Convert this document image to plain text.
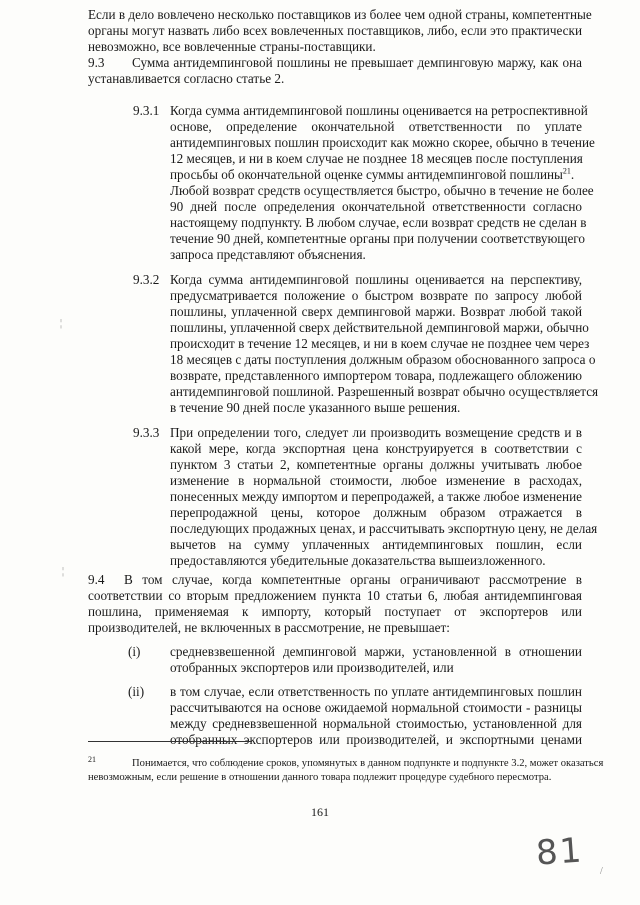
Если в дело вовлечено несколько поставщиков из более чем одной страны, компетентные
органы могут назвать либо всех вовлеченных поставщиков, либо, если это практически
невозможно, все вовлеченные страны-поставщики.
9.3 Сумма антидемпинговой пошлины не превышает демпинговую маржу, как она
устанавливается согласно статье 2.
9.3.1 Когда сумма антидемпинговой пошлины оценивается на ретроспективной
основе, определение окончательной ответственности по уплате
антидемпинговых пошлин происходит как можно скорее, обычно в течение
12 месяцев, и ни в коем случае не позднее 18 месяцев после поступления
просьбы об окончательной оценке суммы антидемпинговой пошлины$^{21}$.
Любой возврат средств осуществляется быстро, обычно в течение не более
90 дней после определения окончательной ответственности согласно
настоящему подпункту. В любом случае, если возврат средств не сделан в
течение 90 дней, компетентные органы при получении соответствующего
запроса представляют объяснения.
9.3.2 Когда сумма антидемпинговой пошлины оценивается на перспективу,
предусматривается положение о быстром возврате по запросу любой
пошлины, уплаченной сверх демпинговой маржи. Возврат любой такой
пошлины, уплаченной сверх действительной демпинговой маржи, обычно
происходит в течение 12 месяцев, и ни в коем случае не позднее чем через
18 месяцев с даты поступления должным образом обоснованного запроса о
возврате, представленного импортером товара, подлежащего обложению
антидемпинговой пошлиной. Разрешенный возврат обычно осуществляется
в течение 90 дней после указанного выше решения.
9.3.3 При определении того, следует ли производить возмещение средств и в
какой мере, когда экспортная цена конструируется в соответствии с
пунктом 3 статьи 2, компетентные органы должны учитывать любое
изменение в нормальной стоимости, любое изменение в расходах,
понесенных между импортом и перепродажей, а также любое изменение
перепродажной цены, которое должным образом отражается в
последующих продажных ценах, и рассчитывать экспортную цену, не делая
вычетов на сумму уплаченных антидемпинговых пошлин, если
предоставляются убедительные доказательства вышеизложенного.
9.4 В том случае, когда компетентные органы ограничивают рассмотрение в
соответствии со вторым предложением пункта 10 статьи 6, любая антидемпинговая
пошлина, применяемая к импорту, который поступает от экспортеров или
производителей, не включенных в рассмотрение, не превышает:
(i) средневзвешенной демпинговой маржи, установленной в отношении
отобранных экспортеров или производителей, или
(ii) в том случае, если ответственность по уплате антидемпинговых пошлин
рассчитываются на основе ожидаемой нормальной стоимости - разницы
между средневзвешенной нормальной стоимостью, установленной для
отобранных экспортеров или производителей, и экспортными ценами
21	Понимается, что соблюдение сроков, упомянутых в данном подпункте и подпункте 3.2, может оказаться
невозможным, если решение в отношении данного товара подлежит процедуре судебного пересмотра.
161
81
¦
¦
/
